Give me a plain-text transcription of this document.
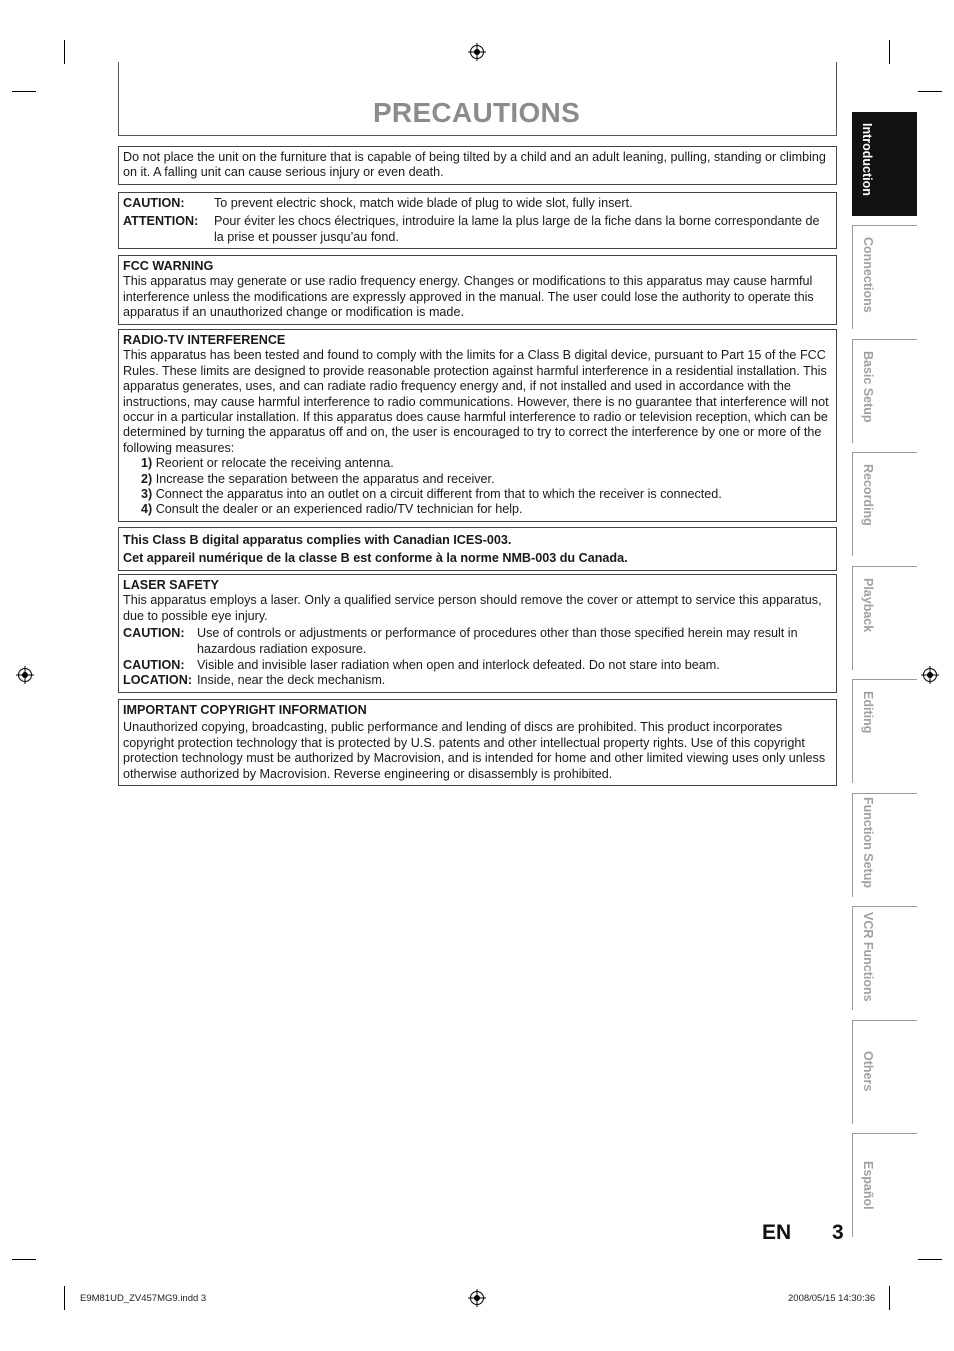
PRECAUTIONS

Do not place the unit on the furniture that is capable of being tilted by a child and an adult leaning, pulling, standing or climbing on it. A falling unit can cause serious injury or even death.

CAUTION:	To prevent electric shock, match wide blade of plug to wide slot, fully insert.
ATTENTION:	Pour éviter les chocs électriques, introduire la lame la plus large de la fiche dans la borne correspondante de la prise et pousser jusqu’au fond.

FCC WARNING

This apparatus may generate or use radio frequency energy. Changes or modifications to this apparatus may cause harmful interference unless the modifications are expressly approved in the manual. The user could lose the authority to operate this apparatus if an unauthorized change or modification is made.

RADIO-TV INTERFERENCE

This apparatus has been tested and found to comply with the limits for a Class B digital device, pursuant to Part 15 of the FCC Rules. These limits are designed to provide reasonable protection against harmful interference in a residential installation. This apparatus generates, uses, and can radiate radio frequency energy and, if not installed and used in accordance with the instructions, may cause harmful interference to radio communications. However, there is no guarantee that interference will not occur in a particular installation. If this apparatus does cause harmful interference to radio or television reception, which can be determined by turning the apparatus off and on, the user is encouraged to try to correct the interference by one or more of the following measures:

1) Reorient or relocate the receiving antenna.

2) Increase the separation between the apparatus and receiver.

3) Connect the apparatus into an outlet on a circuit different from that to which the receiver is connected.

4) Consult the dealer or an experienced radio/TV technician for help.

This Class B digital apparatus complies with Canadian ICES-003.

Cet appareil numérique de la classe B est conforme à la norme NMB-003 du Canada.

LASER SAFETY

This apparatus employs a laser. Only a qualified service person should remove the cover or attempt to service this apparatus, due to possible eye injury.

CAUTION: Use of controls or adjustments or performance of procedures other than those specified herein may result in hazardous radiation exposure.
CAUTION: Visible and invisible laser radiation when open and interlock defeated. Do not stare into beam.
LOCATION: Inside, near the deck mechanism.

IMPORTANT COPYRIGHT INFORMATION

Unauthorized copying, broadcasting, public performance and lending of discs are prohibited. This product incorporates copyright protection technology that is protected by U.S. patents and other intellectual property rights. Use of this copyright protection technology must be authorized by Macrovision, and is intended for home and other limited viewing uses only unless otherwise authorized by Macrovision. Reverse engineering or disassembly is prohibited.

Introduction
Connections
Basic Setup
Recording
Playback
Editing
Function Setup
VCR Functions
Others
Español
EN 3
E9M81UD_ZV457MG9.indd 3	2008/05/15 14:30:36
